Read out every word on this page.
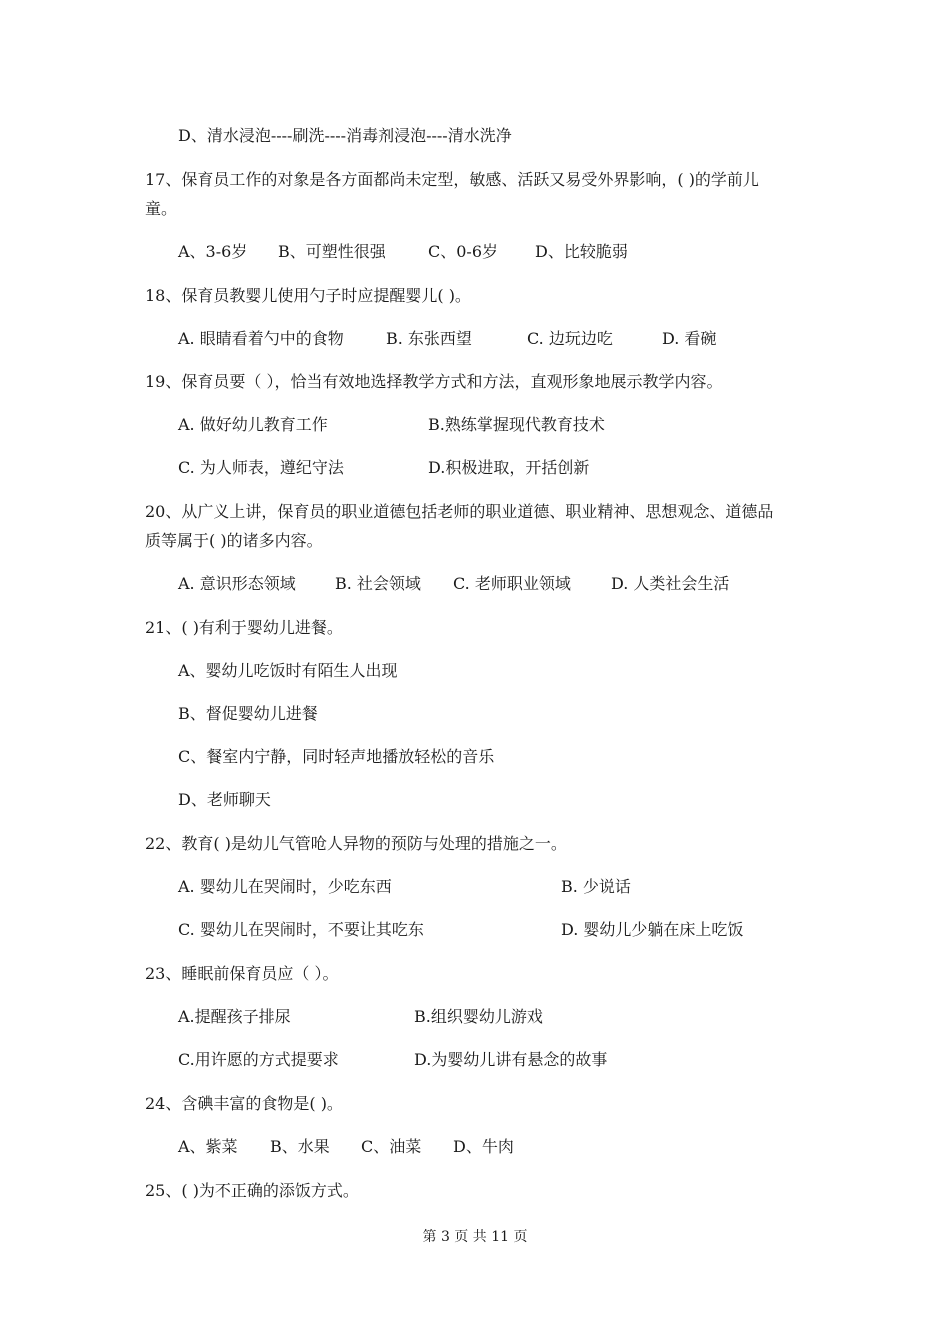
D、清水浸泡----刷洗----消毒剂浸泡----清水洗净
17、保育员工作的对象是各方面都尚未定型，敏感、活跃又易受外界影响，( )的学前儿
童。
A、3-6岁 B、可塑性很强	C、0-6岁 D、比较脆弱
18、保育员教婴儿使用勺子时应提醒婴儿( )。
A. 眼睛看着勺中的食物	B. 东张西望	C. 边玩边吃	D. 看碗
19、保育员要（ ），恰当有效地选择教学方式和方法，直观形象地展示教学内容。
A. 做好幼儿教育工作	B.熟练掌握现代教育技术
C. 为人师表，遵纪守法	D.积极进取，开括创新
20、从广义上讲，保育员的职业道德包括老师的职业道德、职业精神、思想观念、道德品
质等属于( )的诸多内容。
A. 意识形态领域 B. 社会领域 C. 老师职业领域	D. 人类社会生活
21、( )有利于婴幼儿进餐。
A、婴幼儿吃饭时有陌生人出现
B、督促婴幼儿进餐
C、餐室内宁静，同时轻声地播放轻松的音乐
D、老师聊天
22、教育( )是幼儿气管呛人异物的预防与处理的措施之一。
A. 婴幼儿在哭闹时，少吃东西	B. 少说话
C. 婴幼儿在哭闹时，不要让其吃东	D. 婴幼儿少躺在床上吃饭
23、睡眠前保育员应（ ）。
A.提醒孩子排尿	B.组织婴幼儿游戏
C.用许愿的方式提要求	D.为婴幼儿讲有悬念的故事
24、含碘丰富的食物是( )。
A、紫菜 B、水果 C、油菜 D、牛肉
25、( )为不正确的添饭方式。
第 3 页 共 11 页
